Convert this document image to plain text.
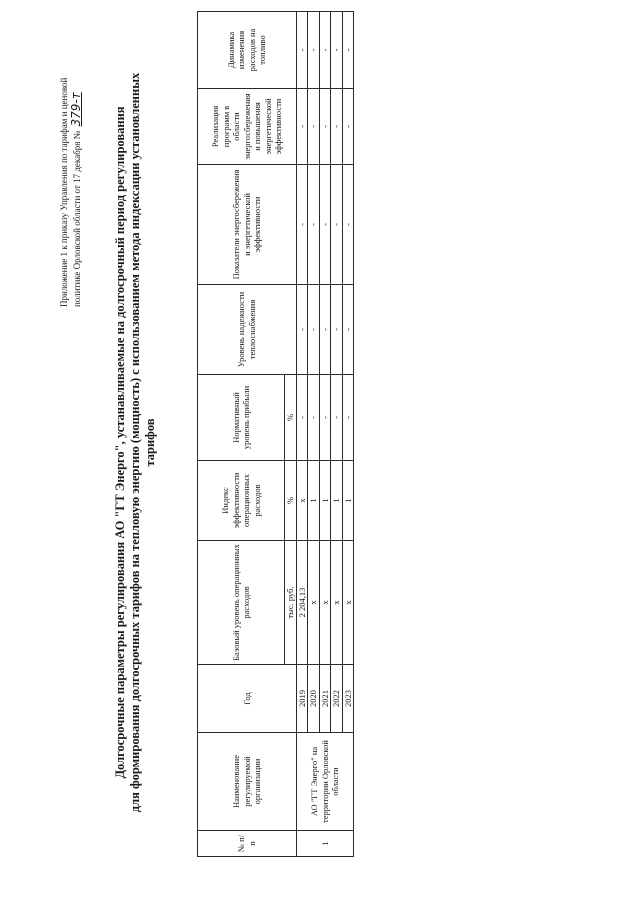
Приложение 1 к приказу Управления по тарифам и ценовой политике Орловской области от 17 декабря № 379-т Долгосрочные параметры регулирования АО "ГТ Энерго", устанавливаемые на долгосрочный период регулирования для формирования долгосрочных тарифов на тепловую энергию (мощность) с использованием метода индексации установленных тарифов
№ п/п	Наименование регулируемой организации	Год	Базовый уровень операционных расходов	Индекс эффективности операционных расходов	Нормативный уровень прибыли	Уровень надежности теплоснабжения	Показатели энергосбережения и энергетической эффективности	Реализация программ в области энергосбережения и повышения энергетической эффективности	Динамика изменения расходов на топливо
			тыс. руб.	%	%				
1	АО "ГТ Энерго" на территории Орловской области	2019	2 204,13	х	-	-	-	-	-
		2020	х	1	-	-	-	-	-
		2021	х	1	-	-	-	-	-
		2022	х	1	-	-	-	-	-
		2023	х	1	-	-	-	-	-
'
